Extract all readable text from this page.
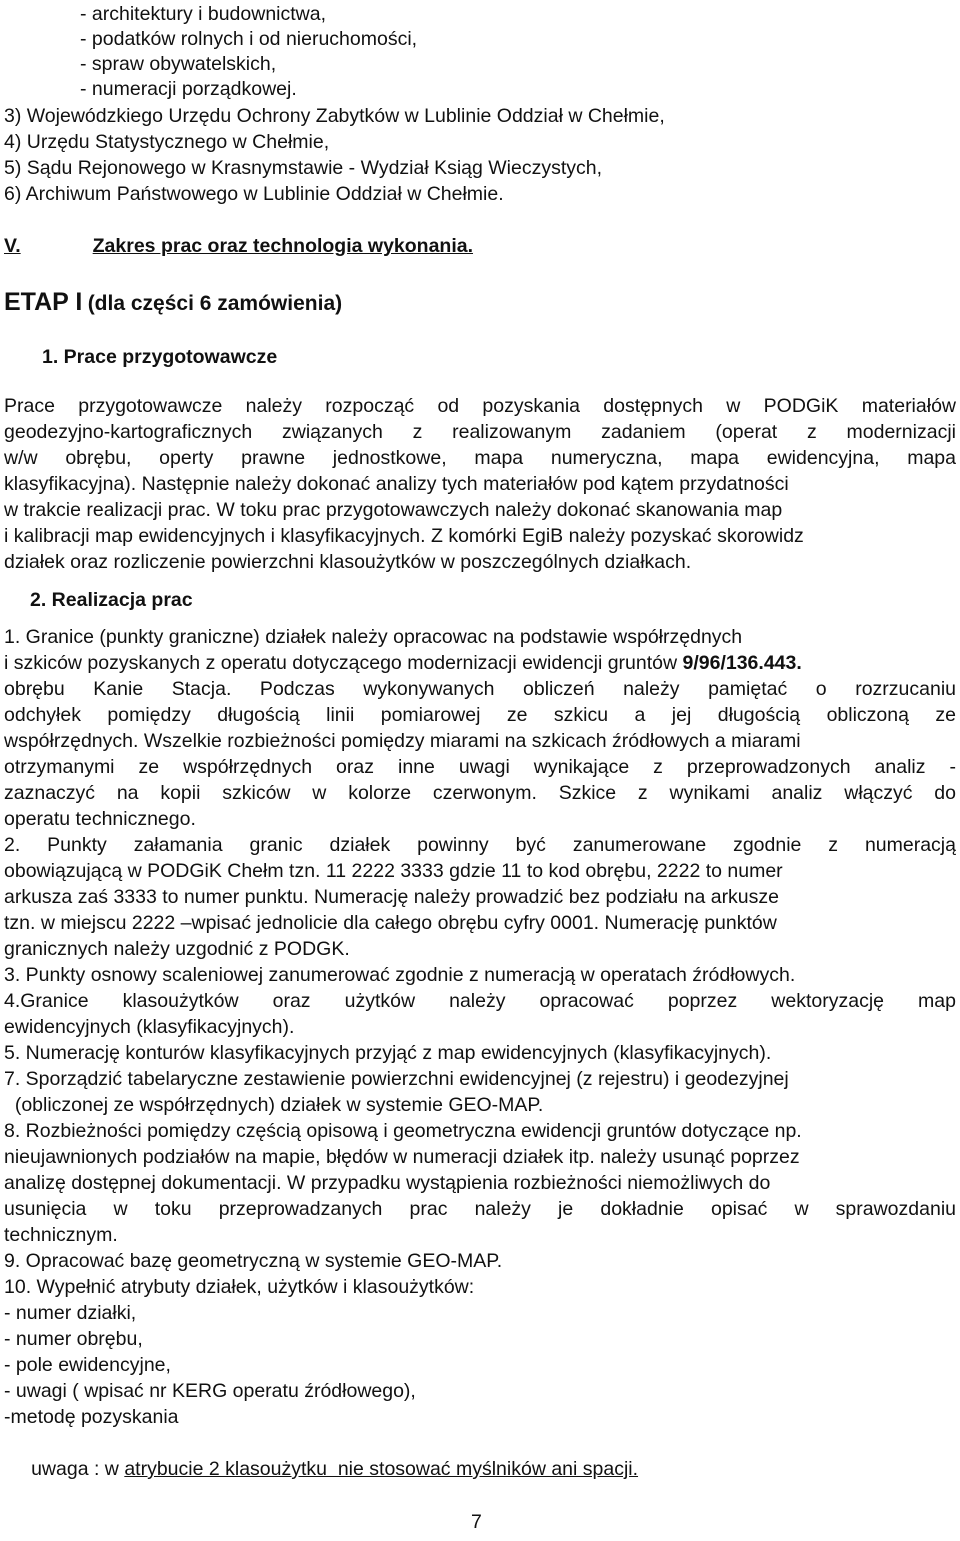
- architektury i budownictwa,
- podatków rolnych i od nieruchomości,
- spraw obywatelskich,
- numeracji porządkowej.
3) Wojewódzkiego Urzędu Ochrony Zabytków w Lublinie Oddział w Chełmie,
4) Urzędu Statystycznego w Chełmie,
5) Sądu Rejonowego w Krasnymstawie - Wydział Ksiąg Wieczystych,
6) Archiwum Państwowego w Lublinie Oddział w Chełmie.
V.	Zakres prac oraz technologia wykonania.
ETAP I (dla części 6 zamówienia)
1. Prace przygotowawcze
Prace przygotowawcze należy rozpocząć od pozyskania dostępnych w PODGiK materiałów
geodezyjno-kartograficznych związanych z realizowanym zadaniem (operat z modernizacji
w/w obrębu, operty prawne jednostkowe, mapa numeryczna, mapa ewidencyjna, mapa
klasyfikacyjna). Następnie należy dokonać analizy tych materiałów pod kątem przydatności
w trakcie realizacji prac. W toku prac przygotowawczych należy dokonać skanowania map
i kalibracji map ewidencyjnych i klasyfikacyjnych. Z komórki EgiB należy pozyskać skorowidz
działek oraz rozliczenie powierzchni klasoużytków w poszczególnych działkach.
2. Realizacja prac
1. Granice (punkty graniczne) działek należy opracowac na podstawie współrzędnych
i szkiców pozyskanych z operatu dotyczącego modernizacji ewidencji gruntów 9/96/136.443.
obrębu Kanie Stacja. Podczas wykonywanych obliczeń należy pamiętać o rozrzucaniu
odchyłek pomiędzy długością linii pomiarowej ze szkicu a jej długością obliczoną ze
współrzędnych. Wszelkie rozbieżności pomiędzy miarami na szkicach źródłowych a miarami
otrzymanymi ze współrzędnych oraz inne uwagi wynikające z przeprowadzonych analiz -
zaznaczyć na kopii szkiców w kolorze czerwonym. Szkice z wynikami analiz włączyć do
operatu technicznego.
2. Punkty załamania granic działek powinny być zanumerowane zgodnie z numeracją
obowiązującą w PODGiK Chełm tzn. 11 2222 3333 gdzie 11 to kod obrębu, 2222 to numer
arkusza zaś 3333 to numer punktu. Numerację należy prowadzić bez podziału na arkusze
tzn. w miejscu 2222 –wpisać jednolicie dla całego obrębu cyfry 0001. Numerację punktów
granicznych należy uzgodnić z PODGK.
3. Punkty osnowy scaleniowej zanumerować zgodnie z numeracją w operatach źródłowych.
4.Granice klasoużytków oraz użytków należy opracować poprzez wektoryzację map
ewidencyjnych (klasyfikacyjnych).
5. Numerację konturów klasyfikacyjnych przyjąć z map ewidencyjnych (klasyfikacyjnych).
7. Sporządzić tabelaryczne zestawienie powierzchni ewidencyjnej (z rejestru) i geodezyjnej
(obliczonej ze współrzędnych) działek w systemie GEO-MAP.
8. Rozbieżności pomiędzy częścią opisową i geometryczna ewidencji gruntów dotyczące np.
nieujawnionych podziałów na mapie, błędów w numeracji działek itp. należy usunąć poprzez
analizę dostępnej dokumentacji. W przypadku wystąpienia rozbieżności niemożliwych do
usunięcia w toku przeprowadzanych prac należy je dokładnie opisać w sprawozdaniu
technicznym.
9. Opracować bazę geometryczną w systemie GEO-MAP.
10. Wypełnić atrybuty działek, użytków i klasoużytków:
- numer działki,
- numer obrębu,
- pole ewidencyjne,
- uwagi ( wpisać nr KERG operatu źródłowego),
-metodę pozyskania

uwaga : w atrybucie 2 klasoużytku  nie stosować myślników ani spacji.

7
